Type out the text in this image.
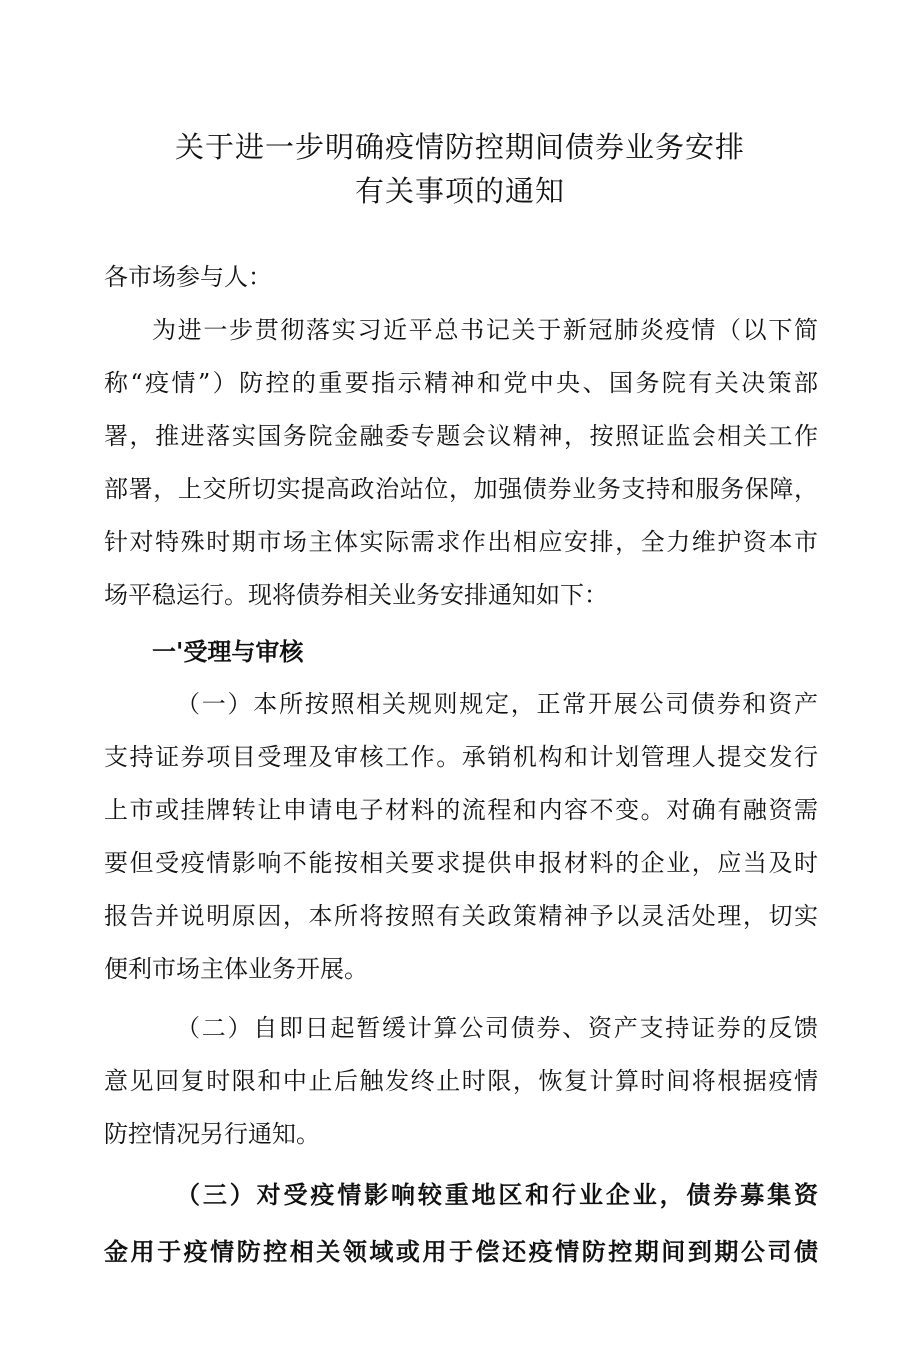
关于进一步明确疫情防控期间债券业务安排
有关事项的通知
各市场参与人：
为进一步贯彻落实习近平总书记关于新冠肺炎疫情（以下简
称“疫情”）防控的重要指示精神和党中央、国务院有关决策部
署，推进落实国务院金融委专题会议精神，按照证监会相关工作
部署，上交所切实提高政治站位，加强债券业务支持和服务保障，
针对特殊时期市场主体实际需求作出相应安排，全力维护资本市
场平稳运行。现将债券相关业务安排通知如下：
一'受理与审核
（一）本所按照相关规则规定，正常开展公司债券和资产
支持证券项目受理及审核工作。承销机构和计划管理人提交发行
上市或挂牌转让申请电子材料的流程和内容不变。对确有融资需
要但受疫情影响不能按相关要求提供申报材料的企业，应当及时
报告并说明原因，本所将按照有关政策精神予以灵活处理，切实
便利市场主体业务开展。
（二）自即日起暂缓计算公司债券、资产支持证券的反馈
意见回复时限和中止后触发终止时限，恢复计算时间将根据疫情
防控情况另行通知。
（三）对受疫情影响较重地区和行业企业，债券募集资
金用于疫情防控相关领域或用于偿还疫情防控期间到期公司债
